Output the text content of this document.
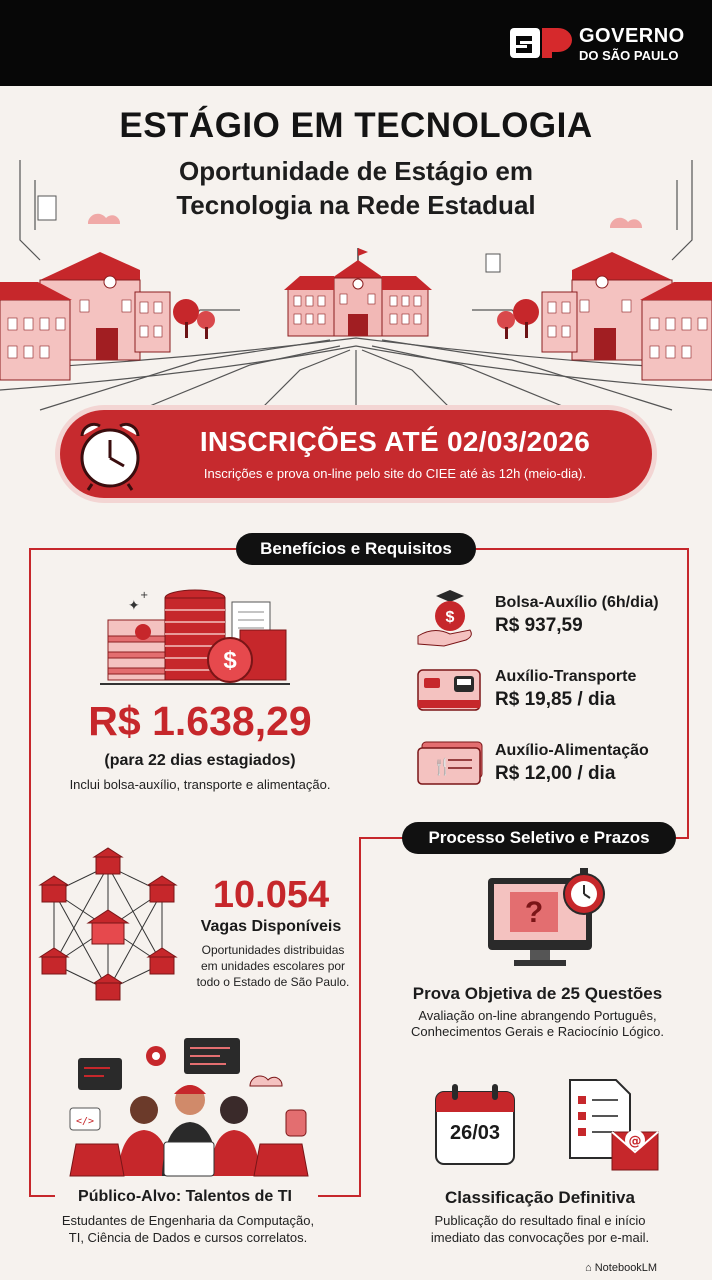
GOVERNO
DO SÃO PAULO
ESTÁGIO EM TECNOLOGIA
Oportunidade de Estágio em
Tecnologia na Rede Estadual
INSCRIÇÕES ATÉ 02/03/2026
Inscrições e prova on-line pelo site do CIEE até às 12h (meio-dia).
Benefícios e Requisitos
Processo Seletivo e Prazos
$
✦
+
R$ 1.638,29
(para 22 dias estagiados)
Inclui bolsa-auxílio, transporte e alimentação.
$
Bolsa-Auxílio (6h/dia)
R$ 937,59
Auxílio-Transporte
R$ 19,85 / dia
🍴
Auxílio-Alimentação
R$ 12,00 / dia
10.054
Vagas Disponíveis
Oportunidades distribuidas
em unidades escolares por
todo o Estado de São Paulo.
?
Prova Objetiva de 25 Questões
Avaliação on-line abrangendo Português,
Conhecimentos Gerais e Raciocínio Lógico.
</>
Público-Alvo: Talentos de TI
Estudantes de Engenharia da Computação,
TI, Ciência de Dados e cursos correlatos.
26/03	@
Classificação Definitiva
Publicação do resultado final e início
imediato das convocações por e-mail.
⌂ NotebookLM
